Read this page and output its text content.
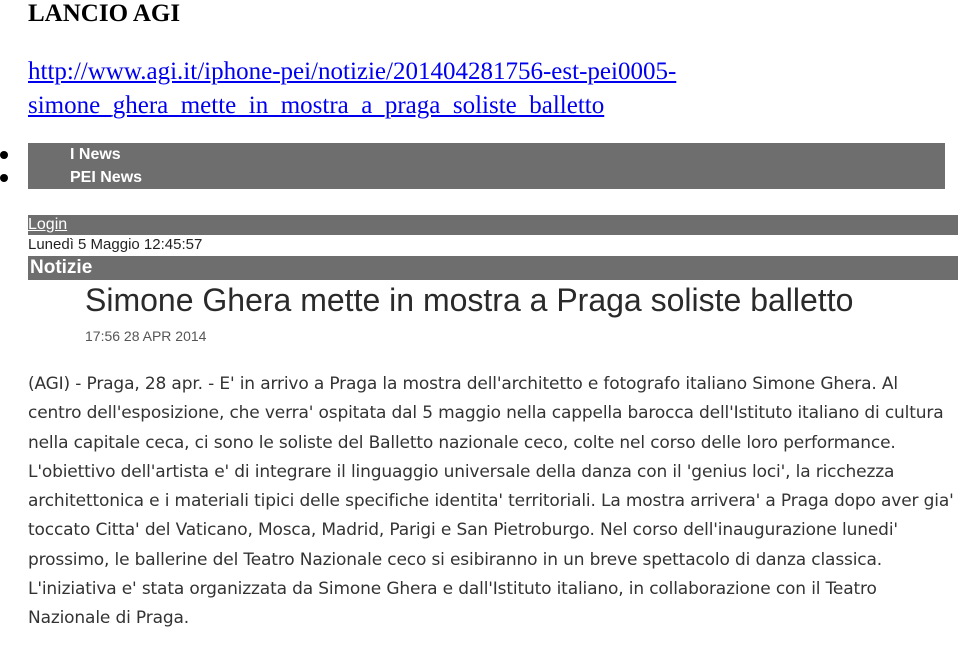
LANCIO AGI
http://www.agi.it/iphone-pei/notizie/201404281756-est-pei0005-
simone_ghera_mette_in_mostra_a_praga_soliste_balletto
I News
PEI News
Login
Lunedì 5 Maggio 12:45:57
Notizie
Simone Ghera mette in mostra a Praga soliste balletto
17:56 28 APR 2014

(AGI) - Praga, 28 apr. - E' in arrivo a Praga la mostra dell'architetto e fotografo italiano Simone Ghera. Al centro dell'esposizione, che verra' ospitata dal 5 maggio nella cappella barocca dell'Istituto italiano di cultura nella capitale ceca, ci sono le soliste del Balletto nazionale ceco, colte nel corso delle loro performance. L'obiettivo dell'artista e' di integrare il linguaggio universale della danza con il 'genius loci', la ricchezza architettonica e i materiali tipici delle specifiche identita' territoriali. La mostra arrivera' a Praga dopo aver gia' toccato Citta' del Vaticano, Mosca, Madrid, Parigi e San Pietroburgo. Nel corso dell'inaugurazione lunedi' prossimo, le ballerine del Teatro Nazionale ceco si esibiranno in un breve spettacolo di danza classica. L'iniziativa e' stata organizzata da Simone Ghera e dall'Istituto italiano, in collaborazione con il Teatro Nazionale di Praga.
